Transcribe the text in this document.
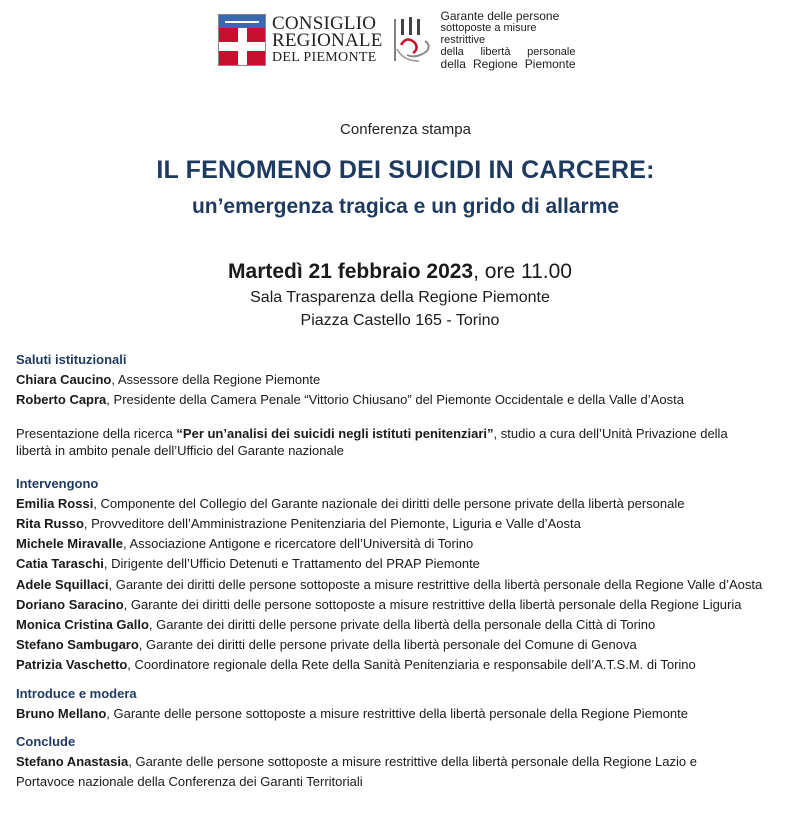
CONSIGLIO
REGIONALE
DEL PIEMONTE
Garante delle persone
sottoposte a misure restrittive
della libertà personale
della Regione Piemonte
Conferenza stampa
IL FENOMENO DEI SUICIDI IN CARCERE:
un’emergenza tragica e un grido di allarme
Martedì 21 febbraio 2023, ore 11.00
Sala Trasparenza della Regione Piemonte
Piazza Castello 165 - Torino
Saluti istituzionali
Chiara Caucino, Assessore della Regione Piemonte
Roberto Capra, Presidente della Camera Penale “Vittorio Chiusano” del Piemonte Occidentale e della Valle d’Aosta
Presentazione della ricerca “Per un’analisi dei suicidi negli istituti penitenziari”, studio a cura dell’Unità Privazione della
libertà in ambito penale dell’Ufficio del Garante nazionale
Intervengono
Emilia Rossi, Componente del Collegio del Garante nazionale dei diritti delle persone private della libertà personale
Rita Russo, Provveditore dell’Amministrazione Penitenziaria del Piemonte, Liguria e Valle d’Aosta
Michele Miravalle, Associazione Antigone e ricercatore dell’Università di Torino
Catia Taraschi, Dirigente dell’Ufficio Detenuti e Trattamento del PRAP Piemonte
Adele Squillaci, Garante dei diritti delle persone sottoposte a misure restrittive della libertà personale della Regione Valle d’Aosta
Doriano Saracino, Garante dei diritti delle persone sottoposte a misure restrittive della libertà personale della Regione Liguria
Monica Cristina Gallo, Garante dei diritti delle persone private della libertà della personale della Città di Torino
Stefano Sambugaro, Garante dei diritti delle persone private della libertà personale del Comune di Genova
Patrizia Vaschetto, Coordinatore regionale della Rete della Sanità Penitenziaria e responsabile dell’A.T.S.M. di Torino
Introduce e modera
Bruno Mellano, Garante delle persone sottoposte a misure restrittive della libertà personale della Regione Piemonte
Conclude
Stefano Anastasia, Garante delle persone sottoposte a misure restrittive della libertà personale della Regione Lazio e
Portavoce nazionale della Conferenza dei Garanti Territoriali
